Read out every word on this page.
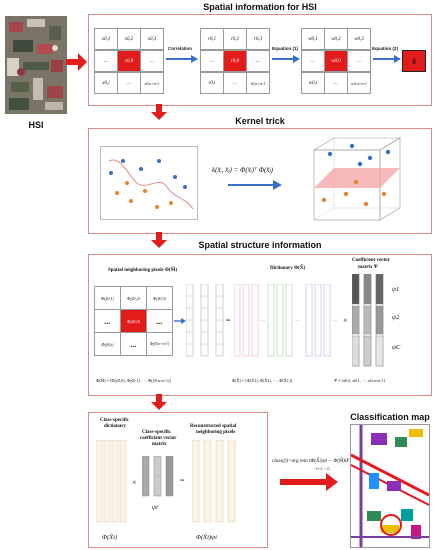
HSI
Spatial information for HSI
x0,1	x0,2	x0,3
...	x0,0	...
x0,i	...	x0,n×n-1
Correlation
r0,1	r0,2	r0,3
...	r0,0	...
r0,i	...	r0,n×n-1
Equation (1)
w0,1	w0,2	w0,3
...	w0,0	...
w0,i	...	w0,n×n-1
Equation (2)
x̃
Kernel trick
k(x̃ᵢ, x̃ⱼ) = Φ(x̃ᵢ)ᵀ Φ(x̃ⱼ)
Spatial structure information
Spatial neighboring pixels Φ(M̃)	Dictionary Φ(X̃)
Coefficient vector
matrix Ψ
Φ(ỹ0,1)	Φ(ỹ0,2)	Φ(ỹ0,3)
...	Φ(ỹ0,0)	...
Φ(ỹ0,i)	...	Φ(ỹ0,n×n-1)
=	···	···	··· ×
ψ1
ψ2
ψC
Φ(M̃) = [Φ(ỹ0,0), Φ(ỹ0,1), ···, Φ(ỹ0,n×n-1)]	Φ(X̃) = [Φ(X̃1), Φ(X̃2), ···, Φ(X̃C)]	Ψ = [α0,0, α0,1, ···, α0,n×n-1]
Class-specific
dictionary
Class-specific
coefficient vector
matrix
Reconstructed spatial
neighboring pixels
×
··
ψi
=
Φ(X̃i)	Φ(X̃i)ψi
class(ỹ)=arg min ‖Φ(X̃i)ψi − Φ(M̃)‖F
i=1,···,C
Classification map
